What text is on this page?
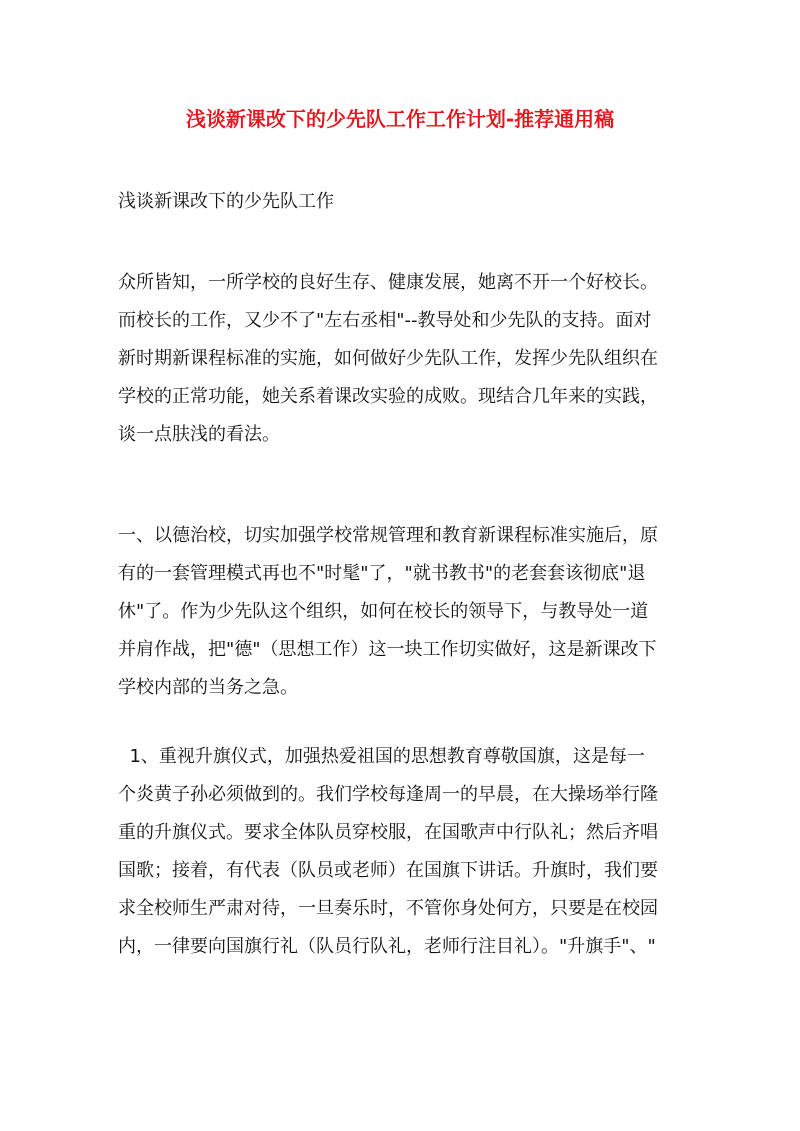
浅谈新课改下的少先队工作工作计划-推荐通用稿
浅谈新课改下的少先队工作

众所皆知，一所学校的良好生存、健康发展，她离不开一个好校长。
而校长的工作，又少不了"左右丞相"--教导处和少先队的支持。面对
新时期新课程标准的实施，如何做好少先队工作，发挥少先队组织在
学校的正常功能，她关系着课改实验的成败。现结合几年来的实践，
谈一点肤浅的看法。

一、以德治校，切实加强学校常规管理和教育新课程标准实施后，原
有的一套管理模式再也不"时髦"了，"就书教书"的老套套该彻底"退
休"了。作为少先队这个组织，如何在校长的领导下，与教导处一道
并肩作战，把"德"（思想工作）这一块工作切实做好，这是新课改下
学校内部的当务之急。

1、重视升旗仪式，加强热爱祖国的思想教育尊敬国旗，这是每一
个炎黄子孙必须做到的。我们学校每逢周一的早晨，在大操场举行隆
重的升旗仪式。要求全体队员穿校服，在国歌声中行队礼；然后齐唱
国歌；接着，有代表（队员或老师）在国旗下讲话。升旗时，我们要
求全校师生严肃对待，一旦奏乐时，不管你身处何方，只要是在校园
内，一律要向国旗行礼（队员行队礼，老师行注目礼）。"升旗手"、"
